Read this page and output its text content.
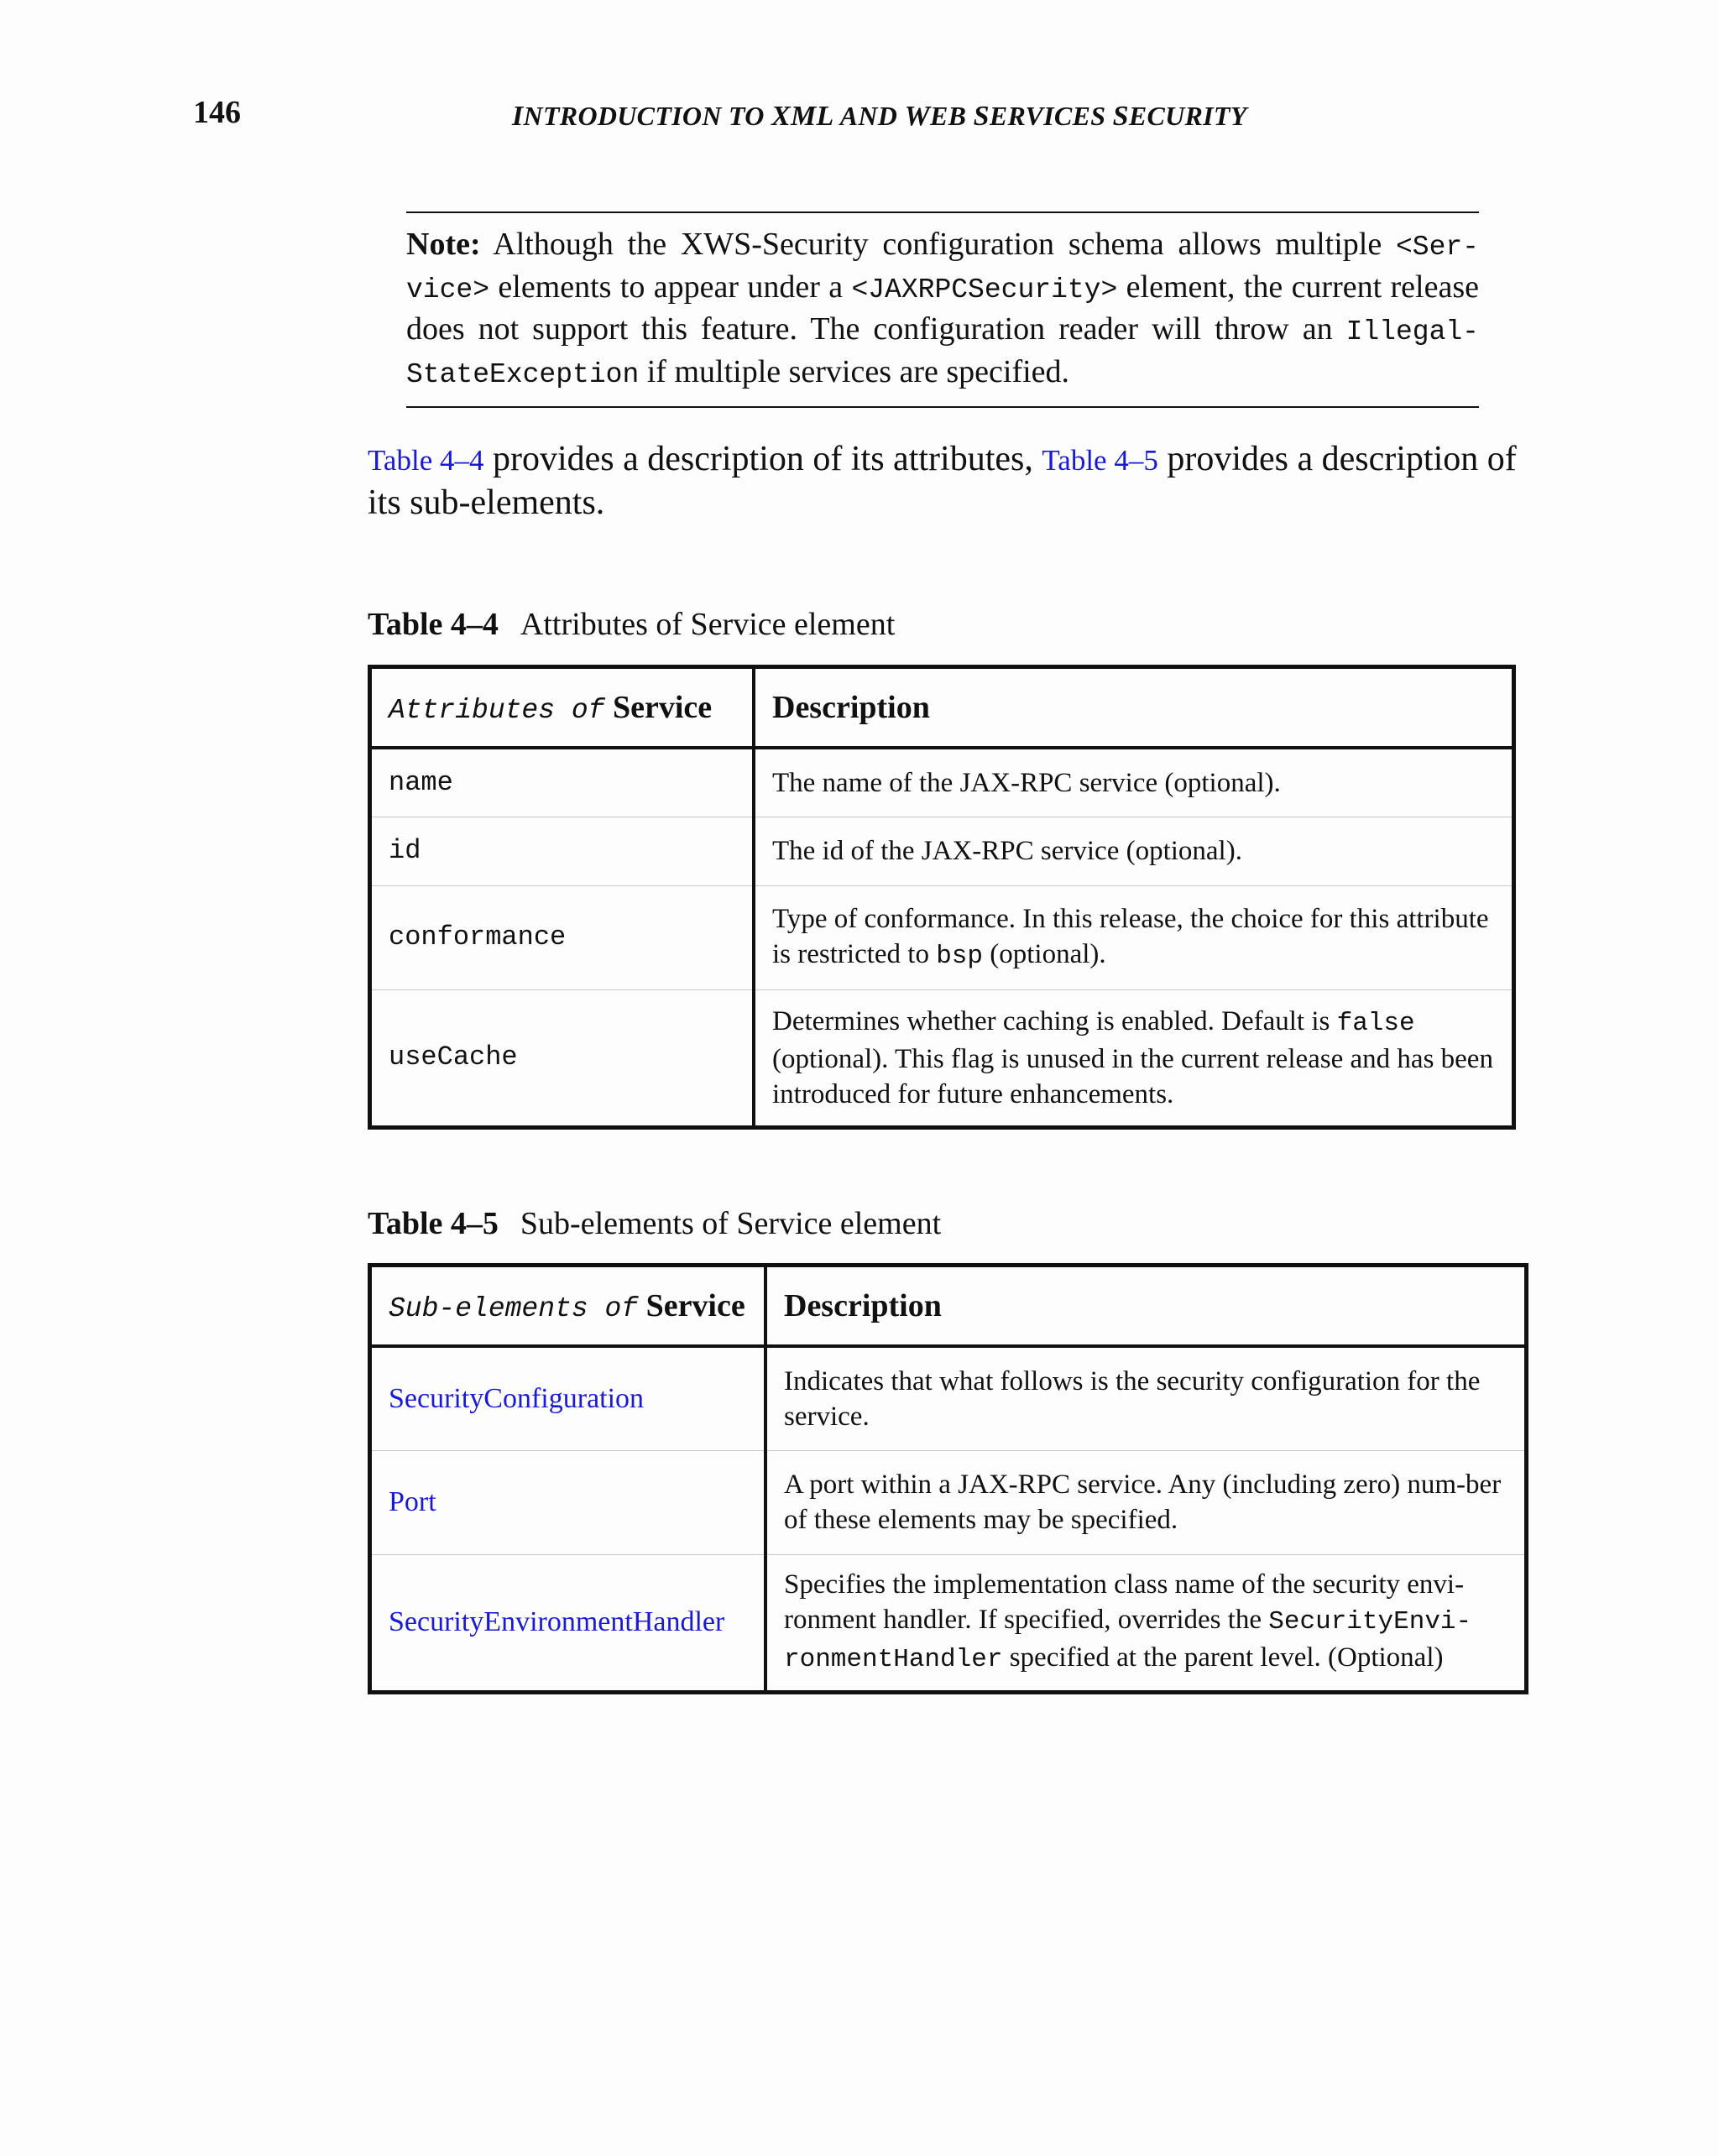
146	INTRODUCTION TO XML AND WEB SERVICES SECURITY
Note: Although the XWS-Security configuration schema allows multiple <Ser-vice> elements to appear under a <JAXRPCSecurity> element, the current release does not support this feature. The configuration reader will throw an Illegal-StateException if multiple services are specified.
Table 4–4 provides a description of its attributes, Table 4–5 provides a description of its sub-elements.
Table 4–4 Attributes of Service element
Attributes of Service	Description
name	The name of the JAX-RPC service (optional).
id	The id of the JAX-RPC service (optional).
conformance	Type of conformance. In this release, the choice for this attribute is restricted to bsp (optional).
useCache	Determines whether caching is enabled. Default is false (optional). This flag is unused in the current release and has been introduced for future enhancements.
Table 4–5 Sub-elements of Service element
Sub-elements of Service	Description
SecurityConfiguration	Indicates that what follows is the security configuration for the service.
Port	A port within a JAX-RPC service. Any (including zero) num-ber of these elements may be specified.
SecurityEnvironmentHandler	Specifies the implementation class name of the security envi-ronment handler. If specified, overrides the SecurityEnvi-ronmentHandler specified at the parent level. (Optional)
